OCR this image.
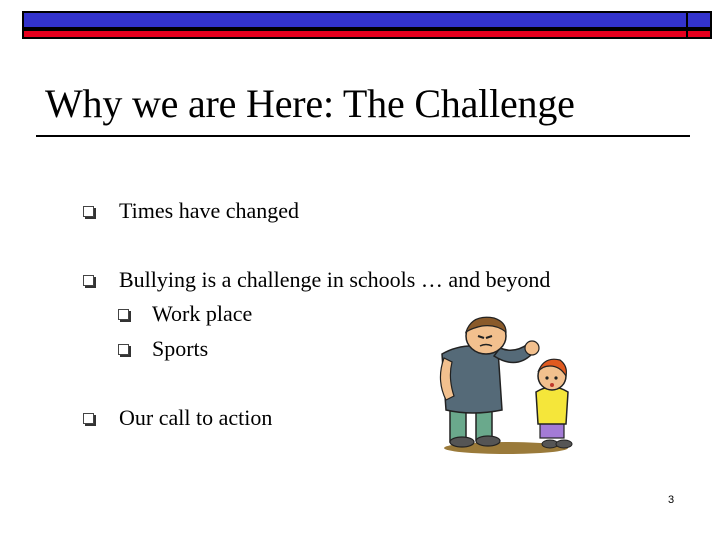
Why we are Here: The Challenge
Times have changed
Bullying is a challenge in schools … and beyond
Work place
Sports
Our call to action
3
